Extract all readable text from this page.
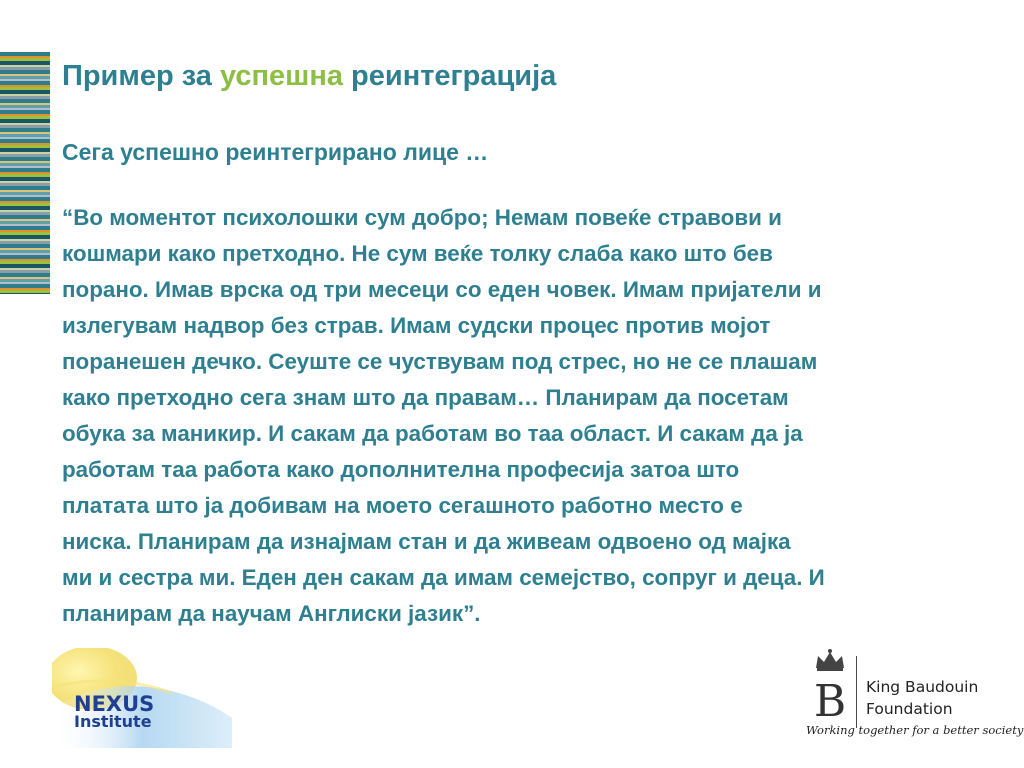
Пример за успешна реинтеграција
Сега успешно реинтегрирано лице …
“Во моментот психолошки сум добро; Немам повеќе стравови и
кошмари како претходно. Не сум веќе толку слаба како што бев
порано. Имав врска од три месеци со еден човек. Имам пријатели и
излегувам надвор без страв. Имам судски процес против мојот
поранешен дечко. Сеуште се чуствувам под стрес, но не се плашам
како претходно сега знам што да правам… Планирам да посетам
обука за маникир. И сакам да работам во таа област. И сакам да ја
работам таа работа како дополнителна професија затоа што
платата што ја добивам на моето сегашното работно место е
ниска. Планирам да изнајмам стан и да живеам одвоено од мајка
ми и сестра ми. Еден ден сакам да имам семејство, сопруг и деца. И
планирам да научам Англиски јазик”.
NEXUS
Institute	B King Baudouin
Foundation
Working together for a better society
